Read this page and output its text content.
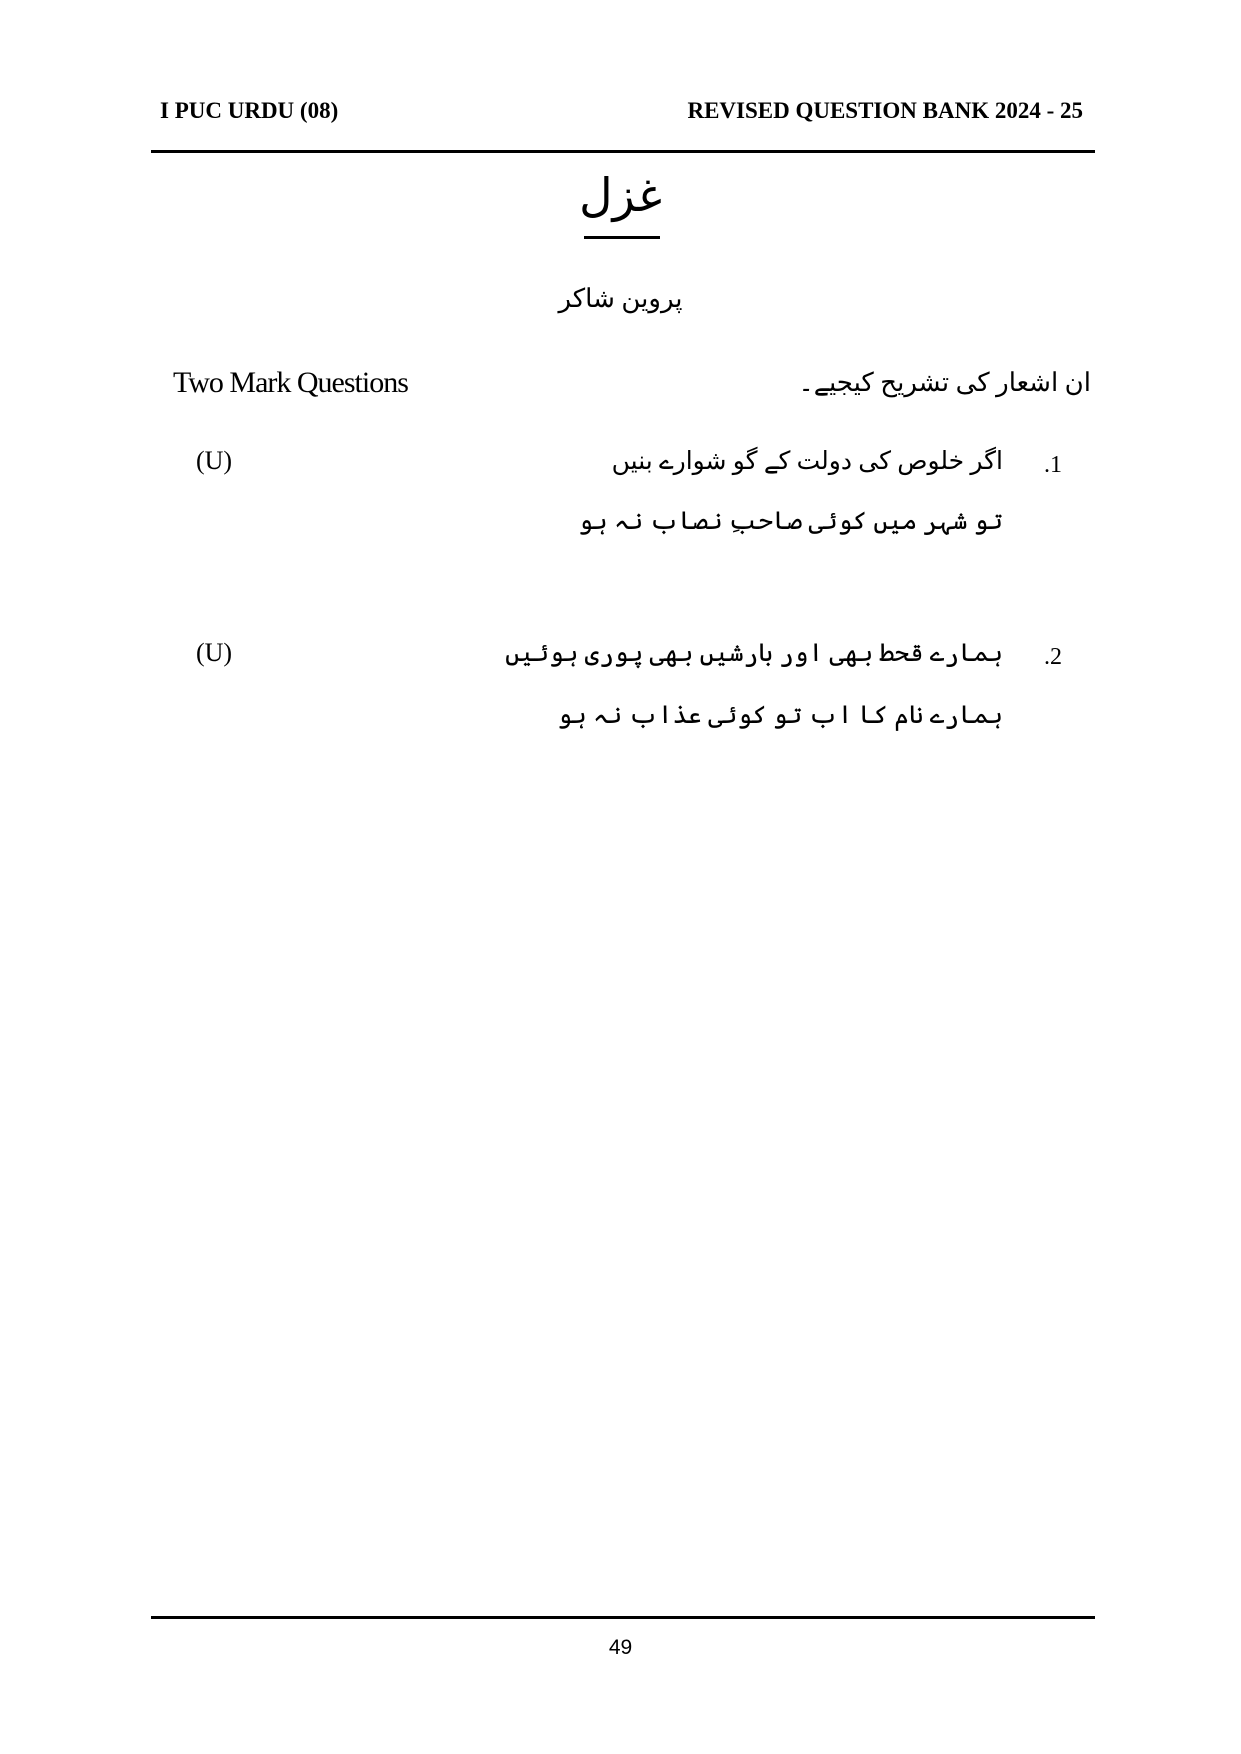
I PUC URDU (08)	REVISED QUESTION BANK 2024 - 25
غزل
پروین شاکر
Two Mark Questions	ان اشعار کی تشریح کیجیے۔
(U)	.1
اگر خلوص کی دولت کے گو شوارے بنیں
تو شہر میں کوئی صاحبِ نصاب نہ ہو
(U)	.2
ہمارے قحط بھی اور بارشیں بھی پوری ہوئیں
ہمارے نام کا اب تو کوئی عذاب نہ ہو
49
